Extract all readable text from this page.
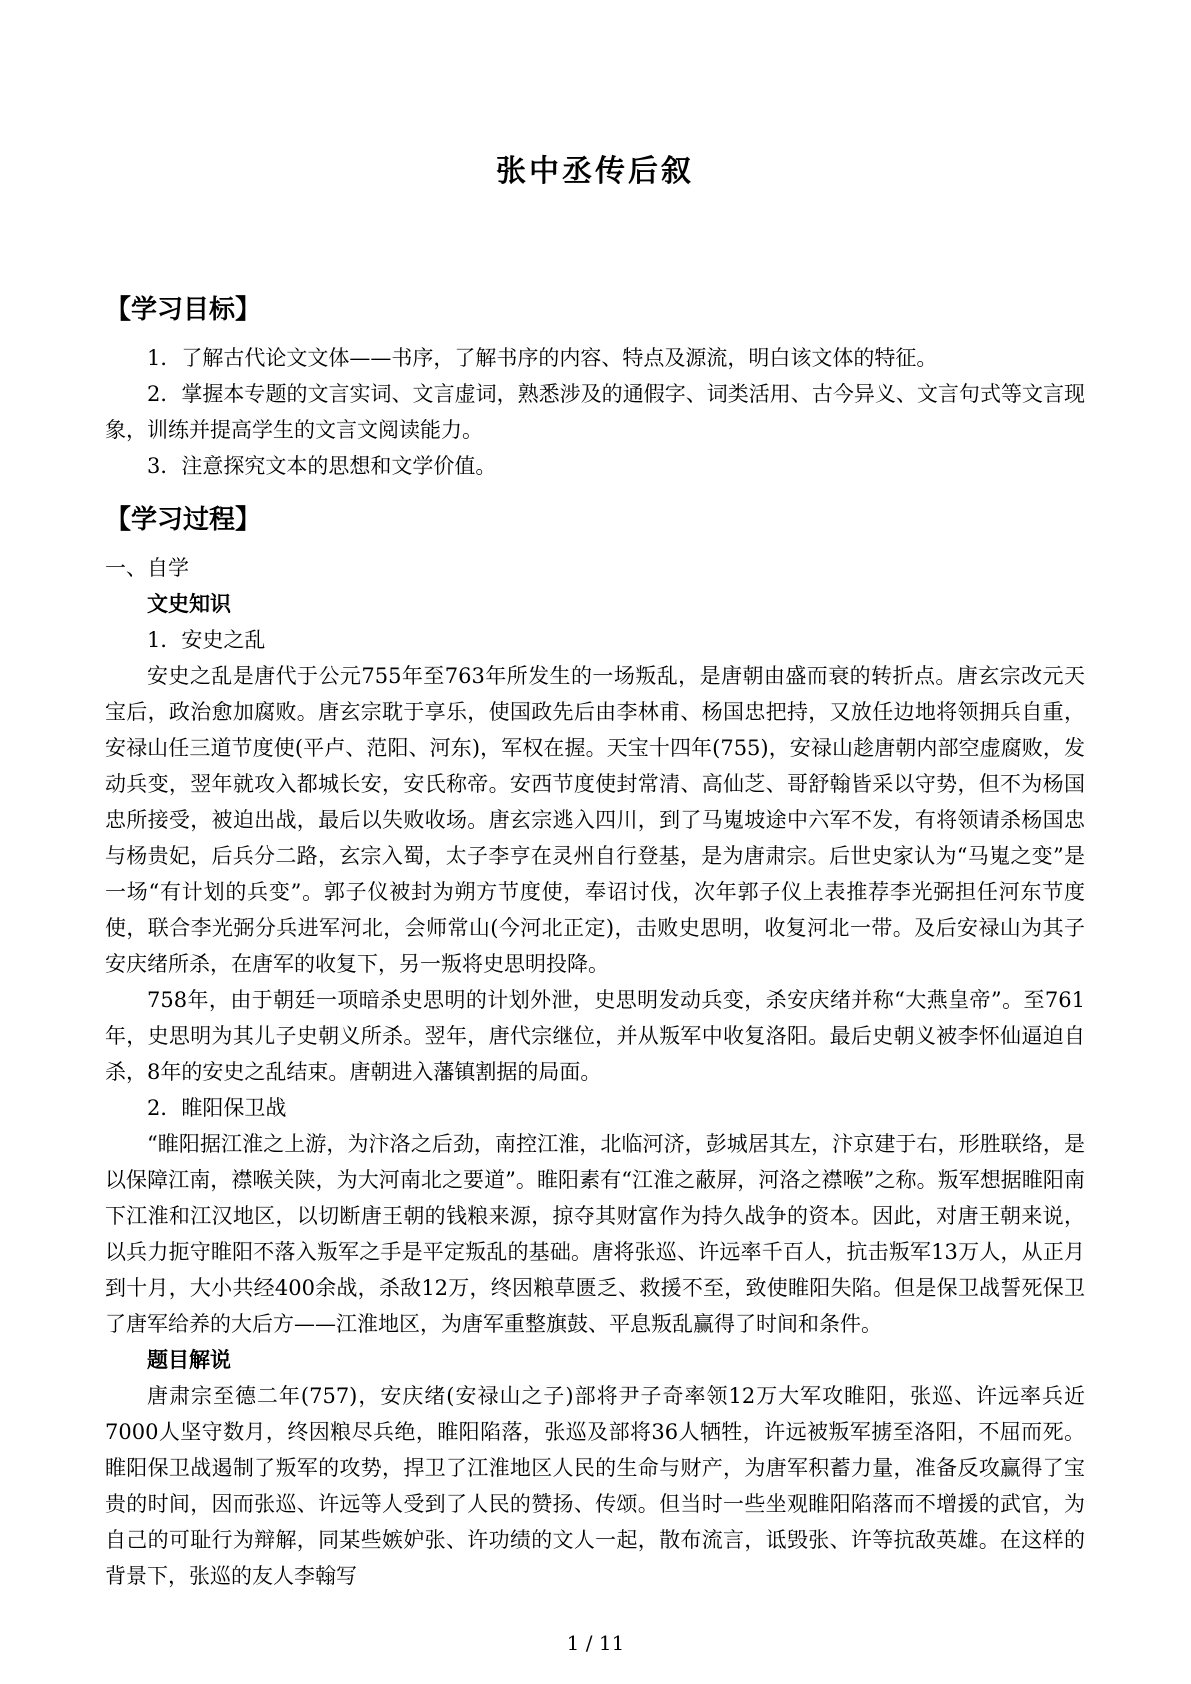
张中丞传后叙
【学习目标】

1．了解古代论文文体——书序，了解书序的内容、特点及源流，明白该文体的特征。

2．掌握本专题的文言实词、文言虚词，熟悉涉及的通假字、词类活用、古今异义、文言句式等文言现象，训练并提高学生的文言文阅读能力。

3．注意探究文本的思想和文学价值。

【学习过程】

一、自学

文史知识

1．安史之乱

安史之乱是唐代于公元755年至763年所发生的一场叛乱，是唐朝由盛而衰的转折点。唐玄宗改元天宝后，政治愈加腐败。唐玄宗耽于享乐，使国政先后由李林甫、杨国忠把持，又放任边地将领拥兵自重，安禄山任三道节度使(平卢、范阳、河东)，军权在握。天宝十四年(755)，安禄山趁唐朝内部空虚腐败，发动兵变，翌年就攻入都城长安，安氏称帝。安西节度使封常清、高仙芝、哥舒翰皆采以守势，但不为杨国忠所接受，被迫出战，最后以失败收场。唐玄宗逃入四川，到了马嵬坡途中六军不发，有将领请杀杨国忠与杨贵妃，后兵分二路，玄宗入蜀，太子李亨在灵州自行登基，是为唐肃宗。后世史家认为“马嵬之变”是一场“有计划的兵变”。郭子仪被封为朔方节度使，奉诏讨伐，次年郭子仪上表推荐李光弼担任河东节度使，联合李光弼分兵进军河北，会师常山(今河北正定)，击败史思明，收复河北一带。及后安禄山为其子安庆绪所杀，在唐军的收复下，另一叛将史思明投降。

758年，由于朝廷一项暗杀史思明的计划外泄，史思明发动兵变，杀安庆绪并称“大燕皇帝”。至761年，史思明为其儿子史朝义所杀。翌年，唐代宗继位，并从叛军中收复洛阳。最后史朝义被李怀仙逼迫自杀，8年的安史之乱结束。唐朝进入藩镇割据的局面。

2．睢阳保卫战

“睢阳据江淮之上游，为汴洛之后劲，南控江淮，北临河济，彭城居其左，汴京建于右，形胜联络，是以保障江南，襟喉关陕，为大河南北之要道”。睢阳素有“江淮之蔽屏，河洛之襟喉”之称。叛军想据睢阳南下江淮和江汉地区，以切断唐王朝的钱粮来源，掠夺其财富作为持久战争的资本。因此，对唐王朝来说，以兵力扼守睢阳不落入叛军之手是平定叛乱的基础。唐将张巡、许远率千百人，抗击叛军13万人，从正月到十月，大小共经400余战，杀敌12万，终因粮草匮乏、救援不至，致使睢阳失陷。但是保卫战誓死保卫了唐军给养的大后方——江淮地区，为唐军重整旗鼓、平息叛乱赢得了时间和条件。

题目解说

唐肃宗至德二年(757)，安庆绪(安禄山之子)部将尹子奇率领12万大军攻睢阳，张巡、许远率兵近7000人坚守数月，终因粮尽兵绝，睢阳陷落，张巡及部将36人牺牲，许远被叛军掳至洛阳，不屈而死。睢阳保卫战遏制了叛军的攻势，捍卫了江淮地区人民的生命与财产，为唐军积蓄力量，准备反攻赢得了宝贵的时间，因而张巡、许远等人受到了人民的赞扬、传颂。但当时一些坐观睢阳陷落而不增援的武官，为自己的可耻行为辩解，同某些嫉妒张、许功绩的文人一起，散布流言，诋毁张、许等抗敌英雄。在这样的背景下，张巡的友人李翰写

1 / 11
